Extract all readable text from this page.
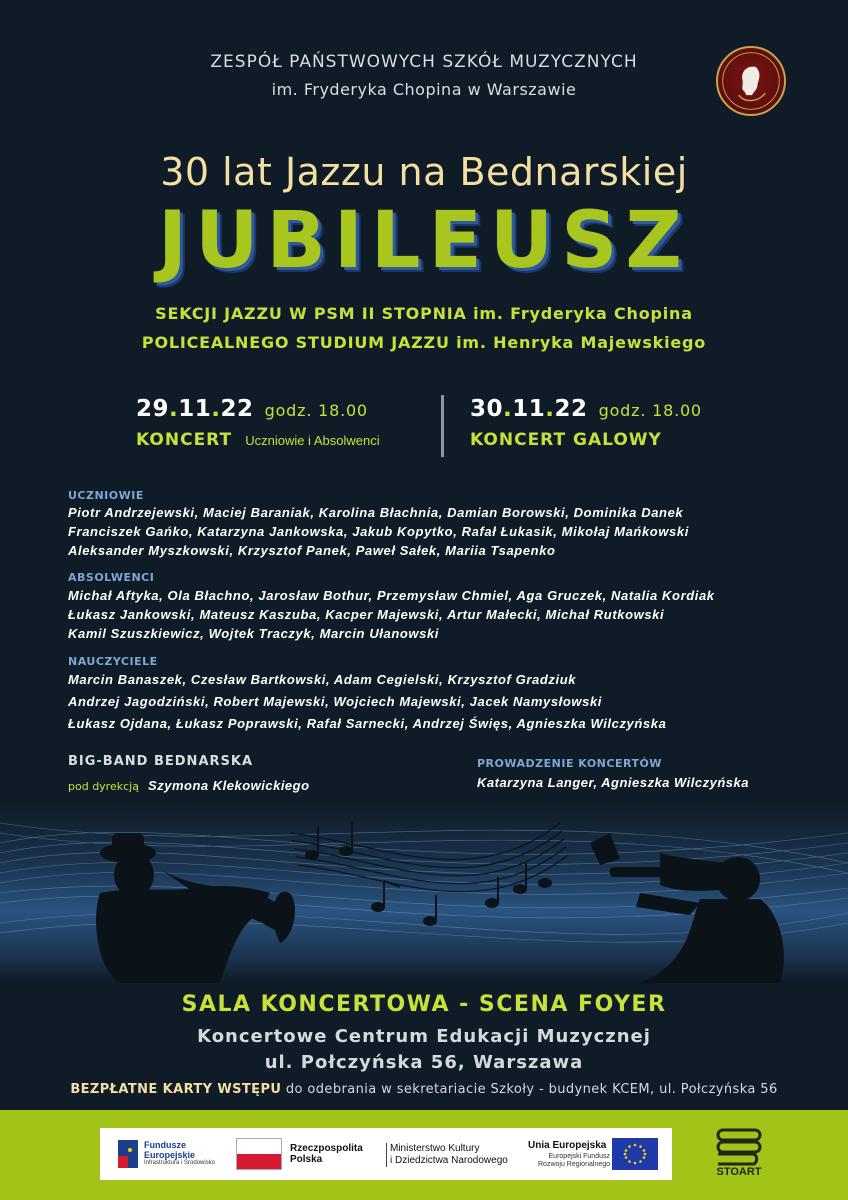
ZESPÓŁ PAŃSTWOWYCH SZKÓŁ MUZYCZNYCH
im. Fryderyka Chopina w Warszawie
30 lat Jazzu na Bednarskiej
JUBILEUSZ
SEKCJI JAZZU W PSM II STOPNIA im. Fryderyka Chopina
POLICEALNEGO STUDIUM JAZZU im. Henryka Majewskiego
29.11.22 godz. 18.00
KONCERT Uczniowie i Absolwenci
30.11.22 godz. 18.00
KONCERT GALOWY
UCZNIOWIE
Piotr Andrzejewski, Maciej Baraniak, Karolina Błachnia, Damian Borowski, Dominika Danek
Franciszek Gańko, Katarzyna Jankowska, Jakub Kopytko, Rafał Łukasik, Mikołaj Mańkowski
Aleksander Myszkowski, Krzysztof Panek, Paweł Sałek, Mariia Tsapenko
ABSOLWENCI
Michał Aftyka, Ola Błachno, Jarosław Bothur, Przemysław Chmiel, Aga Gruczek, Natalia Kordiak
Łukasz Jankowski, Mateusz Kaszuba, Kacper Majewski, Artur Małecki, Michał Rutkowski
Kamil Szuszkiewicz, Wojtek Traczyk, Marcin Ułanowski
NAUCZYCIELE
Marcin Banaszek, Czesław Bartkowski, Adam Cegielski, Krzysztof Gradziuk
Andrzej Jagodziński, Robert Majewski, Wojciech Majewski, Jacek Namysłowski
Łukasz Ojdana, Łukasz Poprawski, Rafał Sarnecki, Andrzej Święs, Agnieszka Wilczyńska
BIG-BAND BEDNARSKA
pod dyrekcją Szymona Klekowickiego
PROWADZENIE KONCERTÓW
Katarzyna Langer, Agnieszka Wilczyńska
SALA KONCERTOWA - SCENA FOYER
Koncertowe Centrum Edukacji Muzycznej
ul. Połczyńska 56, Warszawa
BEZPŁATNE KARTY WSTĘPU do odebrania w sekretariacie Szkoły - budynek KCEM, ul. Połczyńska 56
Fundusze
Europejskie
Infrastruktura i Środowisko
Rzeczpospolita
Polska
Ministerstwo Kultury
i Dziedzictwa Narodowego
Unia Europejska
Europejski Fundusz
Rozwoju Regionalnego
STOART
